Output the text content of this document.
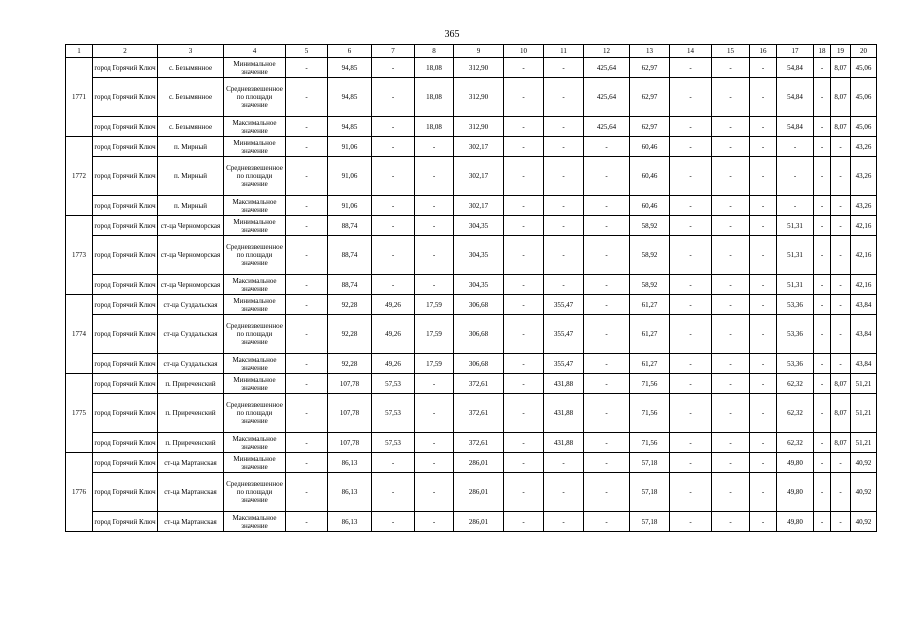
365
1	2	3	4	5	6	7	8	9	10	11	12	13	14	15	16	17	18	19	20
1771	город Горячий Ключ	с. Безымянное	Минимальное значение	-	94,85	-	18,08	312,90	-	-	425,64	62,97	-	-	-	54,84	-	8,07	45,06
	город Горячий Ключ	с. Безымянное	Средневзвешенное по площади значение	-	94,85	-	18,08	312,90	-	-	425,64	62,97	-	-	-	54,84	-	8,07	45,06
	город Горячий Ключ	с. Безымянное	Максимальное значение	-	94,85	-	18,08	312,90	-	-	425,64	62,97	-	-	-	54,84	-	8,07	45,06
1772	город Горячий Ключ	п. Мирный	Минимальное значение	-	91,06	-	-	302,17	-	-	-	60,46	-	-	-	-	-	-	43,26
	город Горячий Ключ	п. Мирный	Средневзвешенное по площади значение	-	91,06	-	-	302,17	-	-	-	60,46	-	-	-	-	-	-	43,26
	город Горячий Ключ	п. Мирный	Максимальное значение	-	91,06	-	-	302,17	-	-	-	60,46	-	-	-	-	-	-	43,26
1773	город Горячий Ключ	ст-ца Черноморская	Минимальное значение	-	88,74	-	-	304,35	-	-	-	58,92	-	-	-	51,31	-	-	42,16
	город Горячий Ключ	ст-ца Черноморская	Средневзвешенное по площади значение	-	88,74	-	-	304,35	-	-	-	58,92	-	-	-	51,31	-	-	42,16
	город Горячий Ключ	ст-ца Черноморская	Максимальное значение	-	88,74	-	-	304,35	-	-	-	58,92	-	-	-	51,31	-	-	42,16
1774	город Горячий Ключ	ст-ца Суздальская	Минимальное значение	-	92,28	49,26	17,59	306,68	-	355,47	-	61,27	-	-	-	53,36	-	-	43,84
	город Горячий Ключ	ст-ца Суздальская	Средневзвешенное по площади значение	-	92,28	49,26	17,59	306,68	-	355,47	-	61,27	-	-	-	53,36	-	-	43,84
	город Горячий Ключ	ст-ца Суздальская	Максимальное значение	-	92,28	49,26	17,59	306,68	-	355,47	-	61,27	-	-	-	53,36	-	-	43,84
1775	город Горячий Ключ	п. Приреченский	Минимальное значение	-	107,78	57,53	-	372,61	-	431,88	-	71,56	-	-	-	62,32	-	8,07	51,21
	город Горячий Ключ	п. Приреченский	Средневзвешенное по площади значение	-	107,78	57,53	-	372,61	-	431,88	-	71,56	-	-	-	62,32	-	8,07	51,21
	город Горячий Ключ	п. Приреченский	Максимальное значение	-	107,78	57,53	-	372,61	-	431,88	-	71,56	-	-	-	62,32	-	8,07	51,21
1776	город Горячий Ключ	ст-ца Мартанская	Минимальное значение	-	86,13	-	-	286,01	-	-	-	57,18	-	-	-	49,80	-	-	40,92
	город Горячий Ключ	ст-ца Мартанская	Средневзвешенное по площади значение	-	86,13	-	-	286,01	-	-	-	57,18	-	-	-	49,80	-	-	40,92
	город Горячий Ключ	ст-ца Мартанская	Максимальное значение	-	86,13	-	-	286,01	-	-	-	57,18	-	-	-	49,80	-	-	40,92
